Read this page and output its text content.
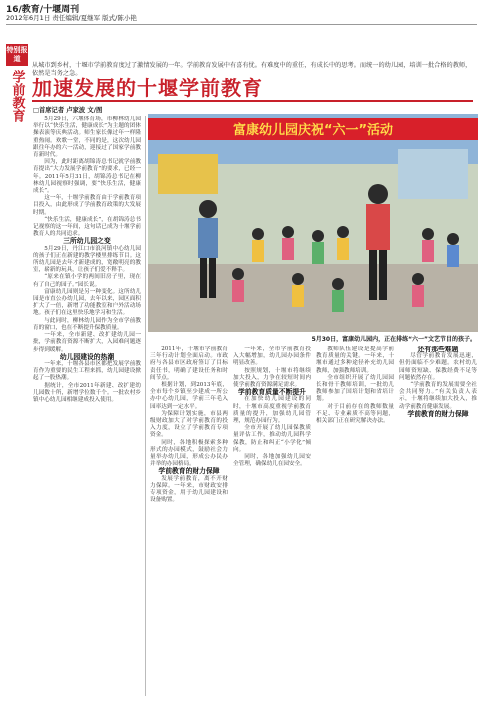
16/教育/十堰周刊
2012年6月1日 责任编辑/夏继军 版式/陈小艳
特别报道
学前教育
从城市到乡村，十堰市学前教育度过了激情发展的一年。学前教育发展中有喜有忧。有难度中的重任，有成长中的思考。而统一的幼儿园，培训一批合格的教师，依然是当务之急。
加速发展的十堰学前教育
□首席记者 卢家波 文/图
富康幼儿园庆祝“六一”活动
5月30日，富康幼儿园内，正在排练“六一”文艺节目的孩子。

5月29日，六堰体育场，市柳林幼儿园举行以“快乐生活，健康成长”为主题的团体操表演等庆典活动。师生家长像过年一样隆重热闹。欢歌一堂，不同的是，这次幼儿园跟往年办的六一活动，迎接过了国家学前教育新时代。

因为，此时距离胡锦涛总书记就学前教育提出“大力发展学前教育”的要求，已经一年。2011年5月31日，胡锦涛总书记在柳林幼儿园视察时强调，要“快乐生活，健康成长”。

这一年，十堰学前教育由于学前教育项目投入，由此形成了学前教育政策的大发展时期。

“快乐生活，健康成长”，在胡锦涛总书记视察的这一年间，这句话已成为十堰学前教育人的共同追求。

三所幼儿园之变

5月29日，丹江口市浪河镇中心幼儿园的孩子们正在新建的教学楼里排练节目。这所幼儿园是去年才新建成的，宽敞明亮的教室，崭新的玩具，让孩子们爱不释手。

“原来在镇小学的两间旧房子里，现在有了自己的园子。”园长说。

富康幼儿园则是另一种变化。这所幼儿园是市直公办幼儿园，去年以来，园区面积扩大了一倍，新增了功能教室和户外活动场地。孩子们在这里快乐地学习和生活。

与此同时，柳林幼儿园作为全市学前教育的窗口，也在不断提升保教质量。

一年来，全市新建、改扩建幼儿园一批，学前教育资源不断扩大，入园难问题逐步得到缓解。

幼儿园建设的热潮

一年来，十堰各县市区都把发展学前教育作为重要的民生工程来抓，幼儿园建设掀起了一股热潮。

据统计，全市2011年新建、改扩建幼儿园数十所，新增学位数千个。一批农村乡镇中心幼儿园相继建成投入使用。

2011年，十堰市学前教育三年行动计划全面启动。市政府与各县市区政府签订了目标责任书，明确了建设任务和时间节点。

根据计划，到2013年底，全市每个乡镇至少建成一所公办中心幼儿园，学前三年毛入园率达到一定水平。

为保障计划实施，市县两级财政加大了对学前教育的投入力度，设立了学前教育专项资金。

同时，各地积极探索多种形式的办园模式，鼓励社会力量举办幼儿园，形成公办民办并举的办园格局。

学前教育的财力保障

发展学前教育，离不开财力保障。一年来，市财政安排专项资金，用于幼儿园建设和设备购置。

一年来，全市学前教育投入大幅增加，幼儿园办园条件明显改善。

按照规划，十堰市将继续加大投入，力争在较短时间内使学前教育资源满足需求。

学前教育质量不断提升

在加快幼儿园建设的同时，十堰市高度重视学前教育质量的提升，加强幼儿园管理，规范办园行为。

全市开展了幼儿园保教质量评估工作，推动幼儿园科学保教，防止和纠正“小学化”倾向。

同时，各地加强幼儿园安全管理，确保幼儿在园安全。

教师队伍建设是提高学前教育质量的关键。一年来，十堰市通过多种途径补充幼儿园教师，加强教师培训。

全市组织开展了幼儿园园长和骨干教师培训，一批幼儿教师参加了国培计划和省培计划。

对于目前存在的教师数量不足、专业素质不高等问题，相关部门正在研究解决办法。

还有那些难题

尽管学前教育发展迅速，但仍面临不少难题。农村幼儿园师资短缺、保教经费不足等问题依然存在。

“学前教育的发展需要全社会共同努力。”有关负责人表示，十堰将继续加大投入，推动学前教育健康发展。

学前教育的财力保障
